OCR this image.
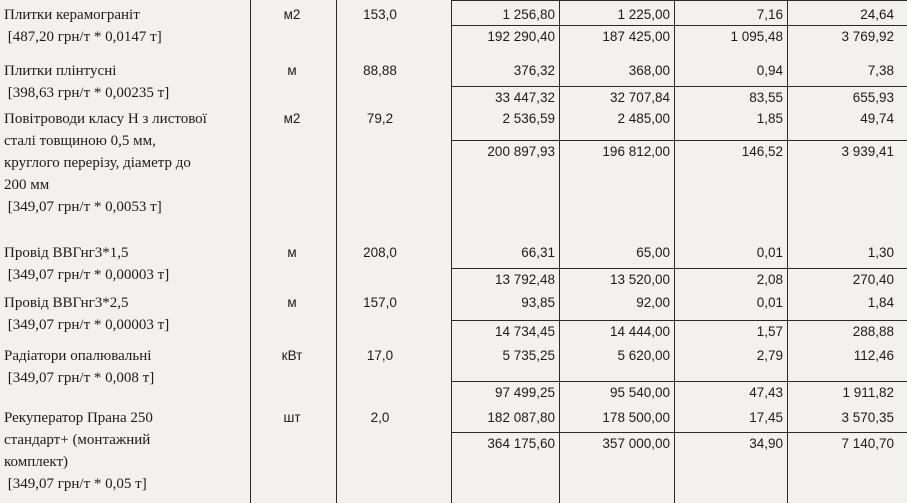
Плитки керамограніт
[487,20 грн/т * 0,0147 т]
м2	153,0	1 256,80	1 225,00	7,16	24,64
192 290,40	187 425,00	1 095,48	3 769,92
Плитки плінтусні
[398,63 грн/т * 0,00235 т]
м	88,88	376,32	368,00	0,94	7,38
33 447,32	32 707,84	83,55	655,93
Повітроводи класу Н з листової
сталі товщиною 0,5 мм,
круглого перерізу, діаметр до
200 мм
[349,07 грн/т * 0,0053 т]
м2	79,2	2 536,59	2 485,00	1,85	49,74
200 897,93	196 812,00	146,52	3 939,41
Провід ВВГнг3*1,5
[349,07 грн/т * 0,00003 т]
м	208,0	66,31	65,00	0,01	1,30
13 792,48	13 520,00	2,08	270,40
Провід ВВГнг3*2,5
[349,07 грн/т * 0,00003 т]
м	157,0	93,85	92,00	0,01	1,84
14 734,45	14 444,00	1,57	288,88
Радіатори опалювальні
[349,07 грн/т * 0,008 т]
кВт	17,0	5 735,25	5 620,00	2,79	112,46
97 499,25	95 540,00	47,43	1 911,82
Рекуператор Прана 250
стандарт+ (монтажний
комплект)
[349,07 грн/т * 0,05 т]
шт	2,0	182 087,80	178 500,00	17,45	3 570,35
364 175,60	357 000,00	34,90	7 140,70
